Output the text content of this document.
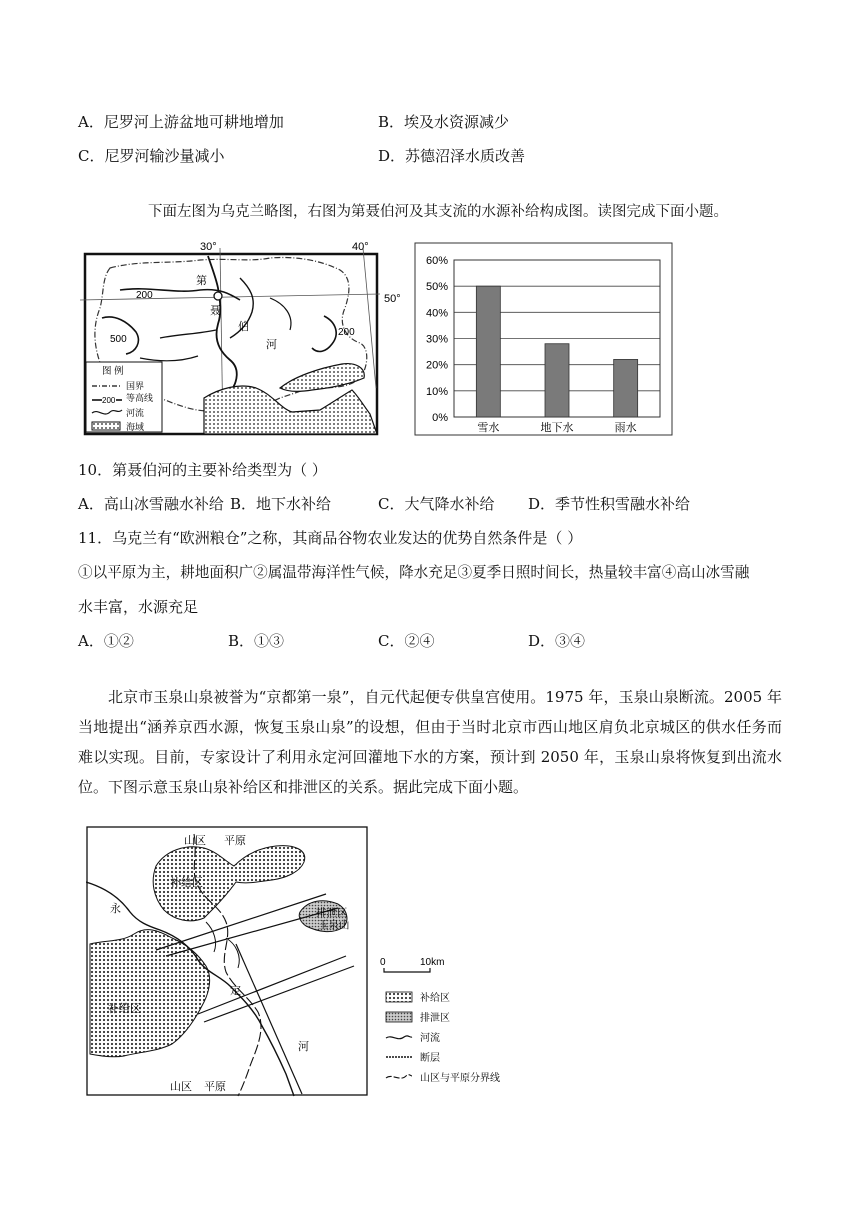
A．尼罗河上游盆地可耕地增加	B．埃及水资源减少
C．尼罗河输沙量减小	D．苏德沼泽水质改善
下面左图为乌克兰略图，右图为第聂伯河及其支流的水源补给构成图。读图完成下面小题。
30°	40°
50°
第
聂
伯
河
200
500
200
图 例
国界
200 等高线
河流
海域
0%
10%
20%
30%
40%
50%
60%
雪水	地下水	雨水
10．第聂伯河的主要补给类型为（ ）
A．高山冰雪融水补给 B．地下水补给	C．大气降水补给 D．季节性积雪融水补给
11．乌克兰有“欧洲粮仓”之称，其商品谷物农业发达的优势自然条件是（ ）
①以平原为主，耕地面积广②属温带海洋性气候，降水充足③夏季日照时间长，热量较丰富④高山冰雪融
水丰富，水源充足
A．①②	B．①③	C．②④	D．③④
北京市玉泉山泉被誉为“京都第一泉”，自元代起便专供皇宫使用。1975 年，玉泉山泉断流。2005 年当地提出“涵养京西水源，恢复玉泉山泉”的设想，但由于当时北京市西山地区肩负北京城区的供水任务而难以实现。目前，专家设计了利用永定河回灌地下水的方案，预计到 2050 年，玉泉山泉将恢复到出流水位。下图示意玉泉山泉补给区和排泄区的关系。据此完成下面小题。
山区 平原
山区 平原
补给区
补给区
排泄区
玉泉山
永
定
河
0	10km
补给区
排泄区
河流
断层
山区与平原分界线
